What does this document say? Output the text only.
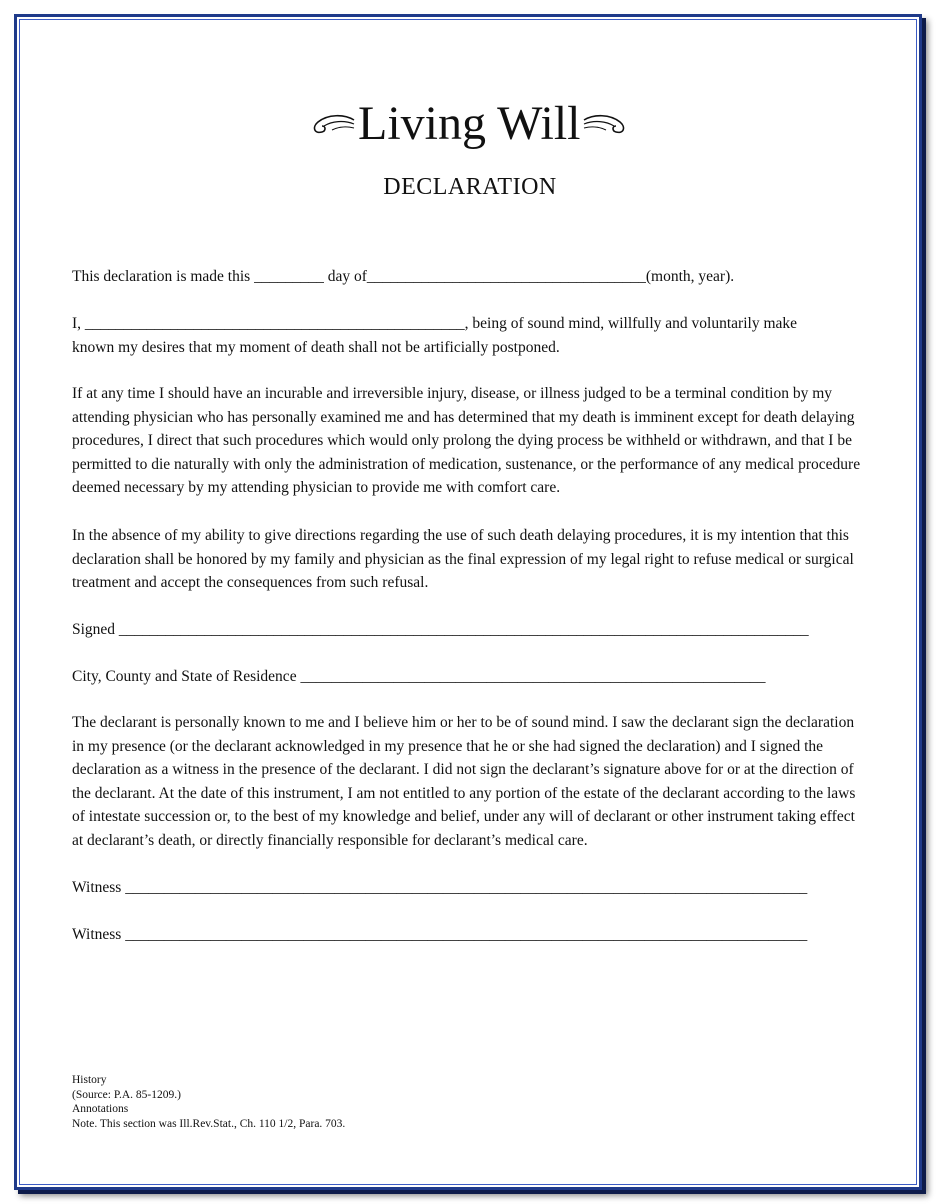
Living Will
DECLARATION

This declaration is made this _________ day of____________________________________(month, year).

I, _________________________________________________, being of sound mind, willfully and voluntarily make

known my desires that my moment of death shall not be artificially postponed.

If at any time I should have an incurable and irreversible injury, disease, or illness judged to be a terminal condition by my attending physician who has personally examined me and has determined that my death is imminent except for death delaying procedures, I direct that such procedures which would only prolong the dying process be withheld or withdrawn, and that I be permitted to die naturally with only the administration of medication, sustenance, or the performance of any medical procedure deemed necessary by my attending physician to provide me with comfort care.

In the absence of my ability to give directions regarding the use of such death delaying procedures, it is my intention that this declaration shall be honored by my family and physician as the final expression of my legal right to refuse medical or surgical treatment and accept the consequences from such refusal.

Signed _________________________________________________________________________________________

City, County and State of Residence ____________________________________________________________

The declarant is personally known to me and I believe him or her to be of sound mind. I saw the declarant sign the declaration in my presence (or the declarant acknowledged in my presence that he or she had signed the declaration) and I signed the declaration as a witness in the presence of the declarant. I did not sign the declarant’s signature above for or at the direction of the declarant. At the date of this instrument, I am not entitled to any portion of the estate of the declarant according to the laws of intestate succession or, to the best of my knowledge and belief, under any will of declarant or other instrument taking effect at declarant’s death, or directly financially responsible for declarant’s medical care.

Witness ________________________________________________________________________________________

Witness ________________________________________________________________________________________

History
(Source: P.A. 85-1209.)
Annotations
Note. This section was Ill.Rev.Stat., Ch. 110 1/2, Para. 703.
